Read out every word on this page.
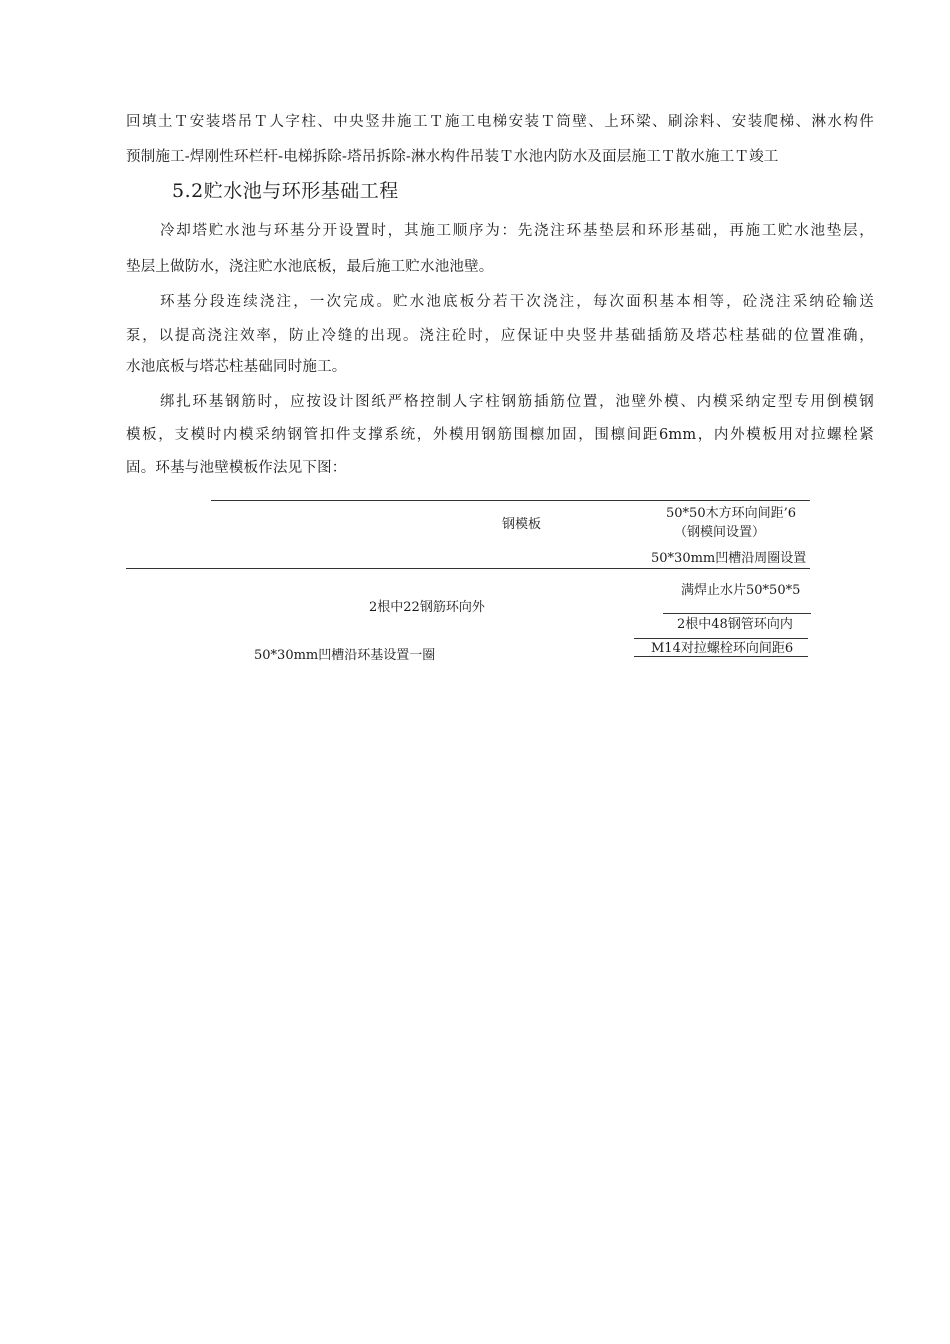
回填土Ｔ安装塔吊Ｔ人字柱、中央竖井施工Ｔ施工电梯安装Ｔ筒壁、上环梁、刷涂料、安装爬梯、淋水构件
预制施工-焊刚性环栏杆-电梯拆除-塔吊拆除-淋水构件吊装Ｔ水池内防水及面层施工Ｔ散水施工Ｔ竣工
5.2贮水池与环形基础工程
冷却塔贮水池与环基分开设置时，其施工顺序为：先浇注环基垫层和环形基础，再施工贮水池垫层，
垫层上做防水，浇注贮水池底板，最后施工贮水池池壁。
环基分段连续浇注，一次完成。贮水池底板分若干次浇注，每次面积基本相等，砼浇注采纳砼输送
泵，以提高浇注效率，防止冷缝的出现。浇注砼时，应保证中央竖井基础插筋及塔芯柱基础的位置准确，
水池底板与塔芯柱基础同时施工。
绑扎环基钢筋时，应按设计图纸严格控制人字柱钢筋插筋位置，池壁外模、内模采纳定型专用倒模钢
模板，支模时内模采纳钢管扣件支撑系统，外模用钢筋围檩加固，围檩间距6mm，内外模板用对拉螺栓紧
固。环基与池壁模板作法见下图：
钢模板
50*50木方环向间距’6
（钢模间设置）
50*30mm凹槽沿周圈设置
满焊止水片50*50*5
2根中22钢筋环向外
2根中48钢管环向内
M14对拉螺栓环向间距6
50*30mm凹槽沿环基设置一圈
